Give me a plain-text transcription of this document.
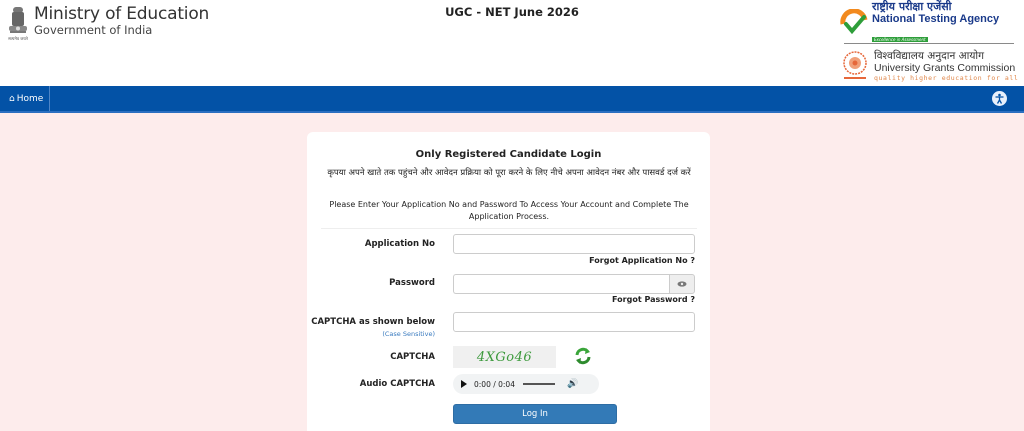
सत्यमेव जयते
Ministry of Education
Government of India
UGC - NET June 2026	राष्ट्रीय परीक्षा एजेंसी
National Testing Agency
Excellence in Assessment
विश्वविद्यालय अनुदान आयोग
University Grants Commission
quality higher education for all
⌂ Home
Only Registered Candidate Login
कृपया अपने खाते तक पहुंचने और आवेदन प्रक्रिया को पूरा करने के लिए नीचे अपना आवेदन नंबर और पासवर्ड दर्ज करें
Please Enter Your Application No and Password To Access Your Account and Complete The Application Process.
Application No
Forgot Application No ?
Password
Forgot Password ?
CAPTCHA as shown below
(Case Sensitive)
CAPTCHA	4XGo46
Audio CAPTCHA	0:00 / 0:04	🔊
Log In
